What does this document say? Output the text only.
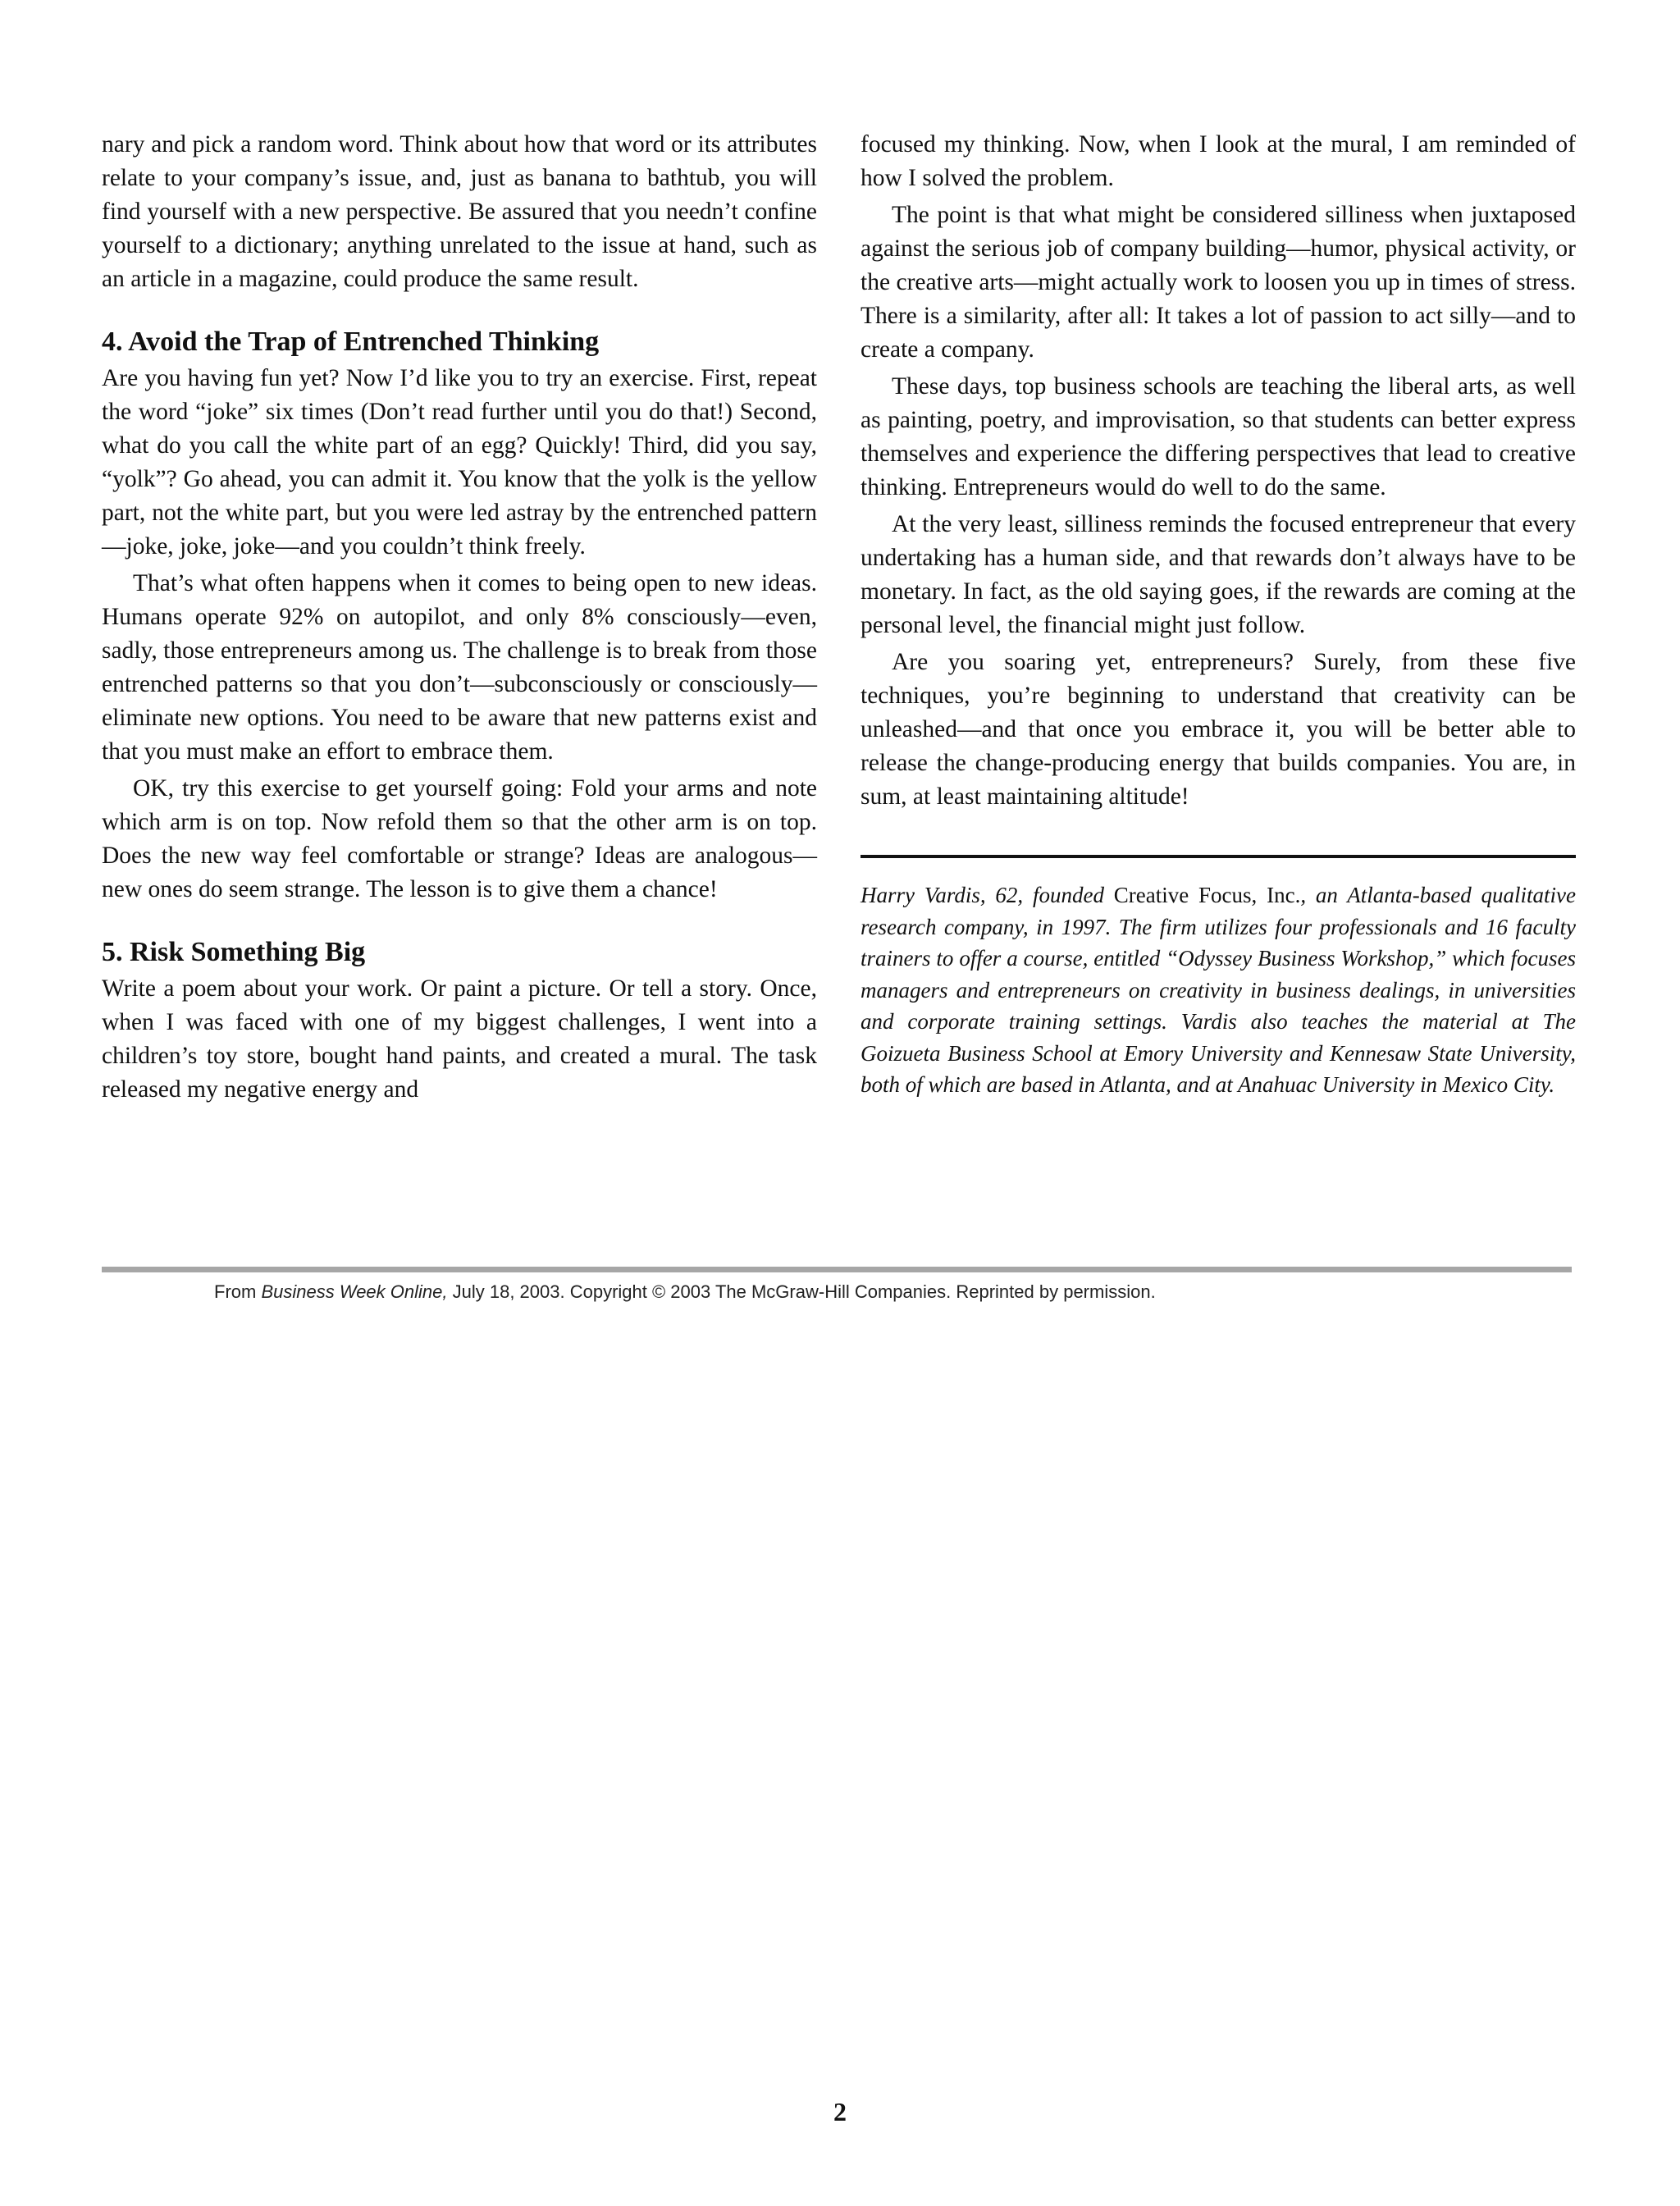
nary and pick a random word. Think about how that word or its attributes relate to your company’s issue, and, just as banana to bathtub, you will find yourself with a new perspective. Be assured that you needn’t confine yourself to a dictionary; anything unrelated to the issue at hand, such as an article in a magazine, could produce the same result.

4. Avoid the Trap of Entrenched Thinking

Are you having fun yet? Now I’d like you to try an exercise. First, repeat the word “joke” six times (Don’t read further until you do that!) Second, what do you call the white part of an egg? Quickly! Third, did you say, “yolk”? Go ahead, you can admit it. You know that the yolk is the yellow part, not the white part, but you were led astray by the entrenched pattern—joke, joke, joke—and you couldn’t think freely.

That’s what often happens when it comes to being open to new ideas. Humans operate 92% on autopilot, and only 8% consciously—even, sadly, those entrepreneurs among us. The challenge is to break from those entrenched patterns so that you don’t—subconsciously or consciously—eliminate new options. You need to be aware that new patterns exist and that you must make an effort to embrace them.

OK, try this exercise to get yourself going: Fold your arms and note which arm is on top. Now refold them so that the other arm is on top. Does the new way feel comfortable or strange? Ideas are analogous—new ones do seem strange. The lesson is to give them a chance!

5. Risk Something Big

Write a poem about your work. Or paint a picture. Or tell a story. Once, when I was faced with one of my biggest challenges, I went into a children’s toy store, bought hand paints, and created a mural. The task released my negative energy and

focused my thinking. Now, when I look at the mural, I am reminded of how I solved the problem.

The point is that what might be considered silliness when juxtaposed against the serious job of company building—humor, physical activity, or the creative arts—might actually work to loosen you up in times of stress. There is a similarity, after all: It takes a lot of passion to act silly—and to create a company.

These days, top business schools are teaching the liberal arts, as well as painting, poetry, and improvisation, so that students can better express themselves and experience the differing perspectives that lead to creative thinking. Entrepreneurs would do well to do the same.

At the very least, silliness reminds the focused entrepreneur that every undertaking has a human side, and that rewards don’t always have to be monetary. In fact, as the old saying goes, if the rewards are coming at the personal level, the financial might just follow.

Are you soaring yet, entrepreneurs? Surely, from these five techniques, you’re beginning to understand that creativity can be unleashed—and that once you embrace it, you will be better able to release the change-producing energy that builds companies. You are, in sum, at least maintaining altitude!

Harry Vardis, 62, founded Creative Focus, Inc., an Atlanta-based qualitative research company, in 1997. The firm utilizes four professionals and 16 faculty trainers to offer a course, entitled “Odyssey Business Workshop,” which focuses managers and entrepreneurs on creativity in business dealings, in universities and corporate training settings. Vardis also teaches the material at The Goizueta Business School at Emory University and Kennesaw State University, both of which are based in Atlanta, and at Anahuac University in Mexico City.

From Business Week Online, July 18, 2003. Copyright © 2003 The McGraw-Hill Companies. Reprinted by permission.
2
